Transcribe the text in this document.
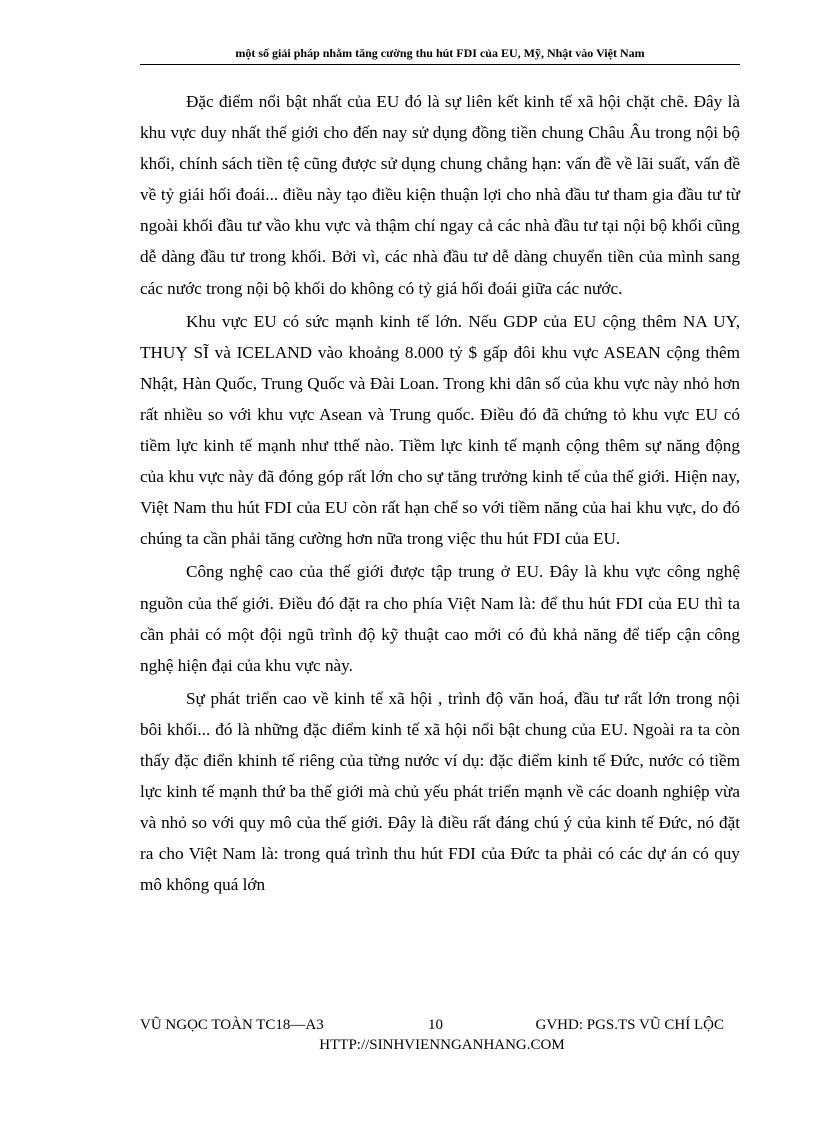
một số giải pháp nhằm tăng cường thu hút FDI của EU, Mỹ, Nhật vào Việt Nam

Đặc điểm nổi bật nhất của EU đó là sự liên kết kinh tế xã hội chặt chẽ. Đây là khu vực duy nhất thế giới cho đến nay sử dụng đồng tiền chung Châu Âu trong nội bộ khối, chính sách tiền tệ cũng được sử dụng chung chẳng hạn: vấn đề về lãi suất, vấn đề về tỷ giái hối đoái... điều này tạo điều kiện thuận lợi cho nhà đầu tư tham gia đầu tư từ ngoài khối đầu tư vầo khu vực và thậm chí ngay cả các nhà đầu tư tại nội bộ khối cũng dễ dàng đầu tư trong khối. Bởi vì, các nhà đầu tư dễ dàng chuyển tiền của mình sang các nước trong nội bộ khối do không có tỷ giá hối đoái giữa các nước.

Khu vực EU có sức mạnh kinh tế lớn. Nếu GDP của EU cộng thêm NA UY, THUỴ SĨ và ICELAND vào khoảng 8.000 tỷ $ gấp đôi khu vực ASEAN cộng thêm Nhật, Hàn Quốc, Trung Quốc và Đài Loan. Trong khi dân số của khu vực này nhỏ hơn rất nhiều so với khu vực Asean và Trung quốc. Điều đó đã chứng tỏ khu vực EU có tiềm lực kinh tế mạnh như tthế nào. Tiềm lực kinh tế mạnh cộng thêm sự năng động của khu vực này đã đóng góp rất lớn cho sự tăng trưởng kinh tế của thế giới. Hiện nay, Việt Nam thu hút FDI của EU còn rất hạn chế so với tiềm năng của hai khu vực, do đó chúng ta cần phải tăng cường hơn nữa trong việc thu hút FDI của EU.

Công nghệ cao của thế giới được tập trung ở EU. Đây là khu vực công nghệ nguồn của thế giới. Điều đó đặt ra cho phía Việt Nam là: để thu hút FDI của EU thì ta cần phải có một đội ngũ trình độ kỹ thuật cao mới có đủ khả năng để tiếp cận công nghệ hiện đại của khu vực này.

Sự phát triển cao về kinh tế xã hội , trình độ văn hoá, đầu tư rất lớn trong nội bôi khối... đó là những đặc điểm kinh tế xã hội nổi bật chung của EU. Ngoài ra ta còn thấy đặc điển khinh tế riêng của từng nước ví dụ: đặc điểm kinh tế Đức, nước có tiềm lực kinh tế mạnh thứ ba thế giới mà chủ yếu phát triển mạnh về các doanh nghiệp vừa và nhỏ so với quy mô của thế giới. Đây là điều rất đáng chú ý của kinh tế Đức, nó đặt ra cho Việt Nam là: trong quá trình thu hút FDI của Đức ta phải có các dự án có quy mô không quá lớn

VŨ NGỌC TOÀN TC18—A3	10	GVHD: PGS.TS VŨ CHÍ LỘC
HTTP://SINHVIENNGANHANG.COM
